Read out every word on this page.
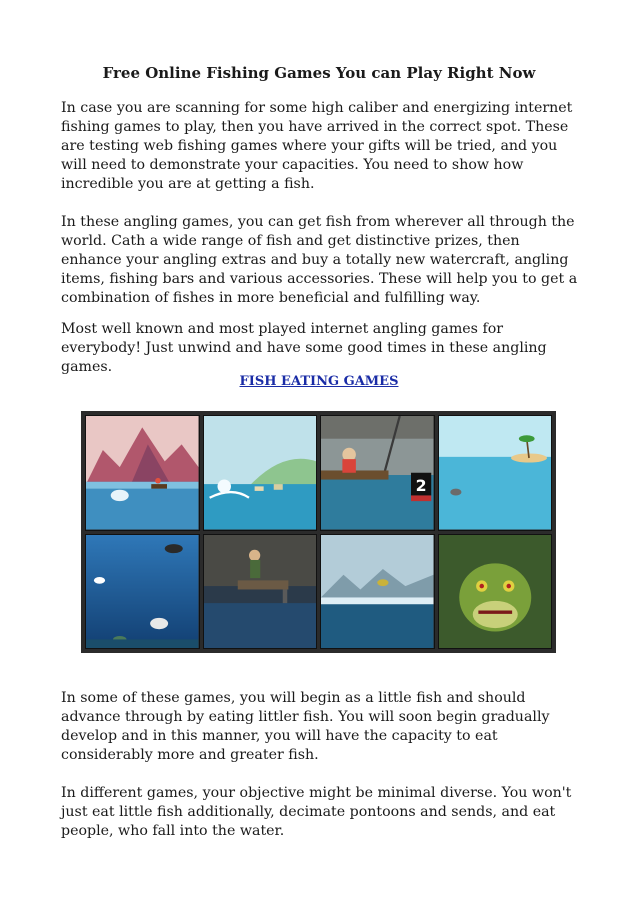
Free Online Fishing Games You can Play Right Now

In case you are scanning for some high caliber and energizing internet fishing games to play, then you have arrived in the correct spot. These are testing web fishing games where your gifts will be tried, and you will need to demonstrate your capacities. You need to show how incredible you are at getting a fish.

In these angling games, you can get fish from wherever all through the world. Cath a wide range of fish and get distinctive prizes, then enhance your angling extras and buy a totally new watercraft, angling items, fishing bars and various accessories. These will help you to get a combination of fishes in more beneficial and fulfilling way.

Most well known and most played internet angling games for everybody! Just unwind and have some good times in these angling games.

FISH EATING GAMES
2

In some of these games, you will begin as a little fish and should advance through by eating littler fish. You will soon begin gradually develop and in this manner, you will have the capacity to eat considerably more and greater fish.

In different games, your objective might be minimal diverse. You won't just eat little fish additionally, decimate pontoons and sends, and eat people, who fall into the water.
